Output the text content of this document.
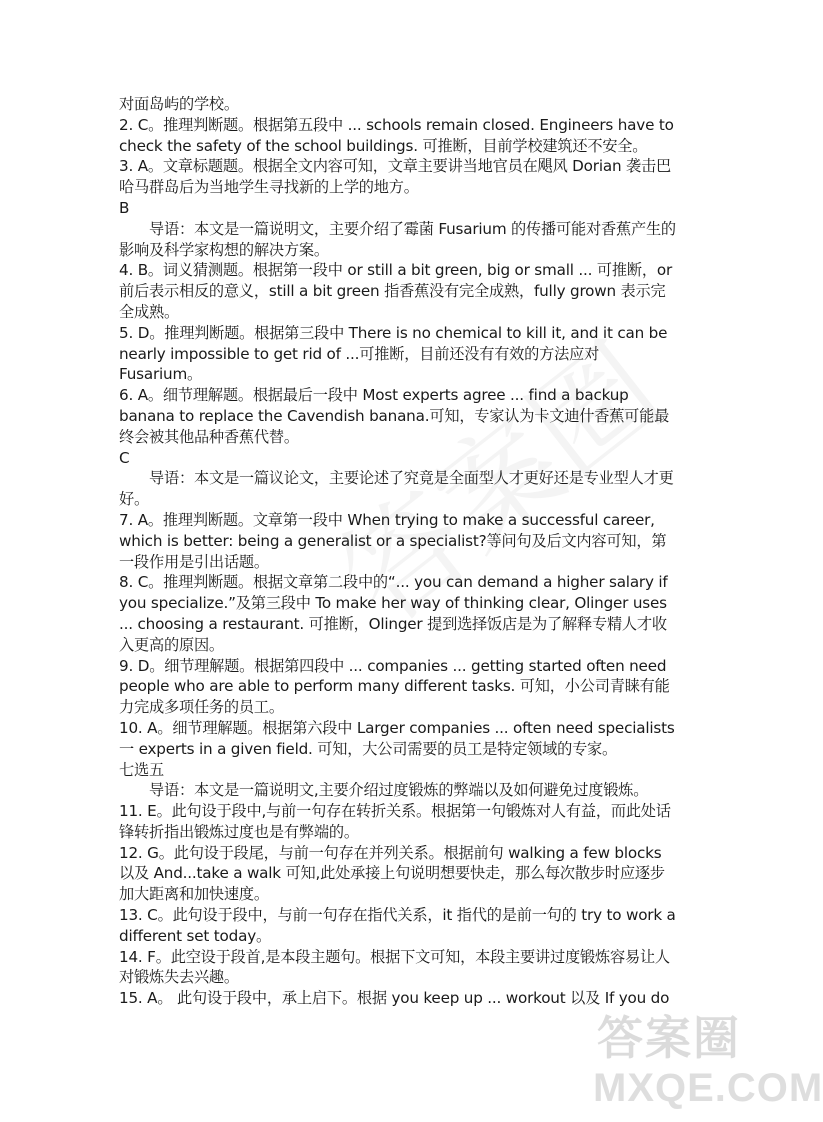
对面岛屿的学校。

2. C。推理判断题。根据第五段中 ... schools remain closed. Engineers have to check the safety of the school buildings. 可推断，目前学校建筑还不安全。

3. A。文章标题题。根据全文内容可知，文章主要讲当地官员在飓风 Dorian 袭击巴哈马群岛后为当地学生寻找新的上学的地方。

B

导语：本文是一篇说明文，主要介绍了霉菌 Fusarium 的传播可能对香蕉产生的影响及科学家构想的解决方案。

4. B。词义猜测题。根据第一段中 or still a bit green, big or small ... 可推断，or 前后表示相反的意义，still a bit green 指香蕉没有完全成熟，fully grown 表示完全成熟。

5. D。推理判断题。根据第三段中 There is no chemical to kill it, and it can be nearly impossible to get rid of ...可推断，目前还没有有效的方法应对 Fusarium。

6. A。细节理解题。根据最后一段中 Most experts agree ... find a backup banana to replace the Cavendish banana.可知，专家认为卡文迪什香蕉可能最终会被其他品种香蕉代替。

C

导语：本文是一篇议论文，主要论述了究竟是全面型人才更好还是专业型人才更好。

7. A。推理判断题。文章第一段中 When trying to make a successful career, which is better: being a generalist or a specialist?等问句及后文内容可知，第一段作用是引出话题。

8. C。推理判断题。根据文章第二段中的“... you can demand a higher salary if you specialize.”及第三段中 To make her way of thinking clear, Olinger uses ... choosing a restaurant. 可推断，Olinger 提到选择饭店是为了解释专精人才收入更高的原因。

9. D。细节理解题。根据第四段中 ... companies ... getting started often need people who are able to perform many different tasks. 可知，小公司青睐有能力完成多项任务的员工。

10. A。细节理解题。根据第六段中 Larger companies ... often need specialists 一 experts in a given field. 可知，大公司需要的员工是特定领域的专家。

七选五

导语：本文是一篇说明文,主要介绍过度锻炼的弊端以及如何避免过度锻炼。

11. E。此句设于段中,与前一句存在转折关系。根据第一句锻炼对人有益，而此处话锋转折指出锻炼过度也是有弊端的。

12. G。此句设于段尾，与前一句存在并列关系。根据前句 walking a few blocks 以及 And...take a walk 可知,此处承接上句说明想要快走，那么每次散步时应逐步加大距离和加快速度。

13. C。此句设于段中，与前一句存在指代关系，it 指代的是前一句的 try to work a different set today。

14. F。此空设于段首,是本段主题句。根据下文可知，本段主要讲过度锻炼容易让人对锻炼失去兴趣。

15. A。 此句设于段中，承上启下。根据 you keep up ... workout 以及 If you do

答案圈
MXQE.COM
